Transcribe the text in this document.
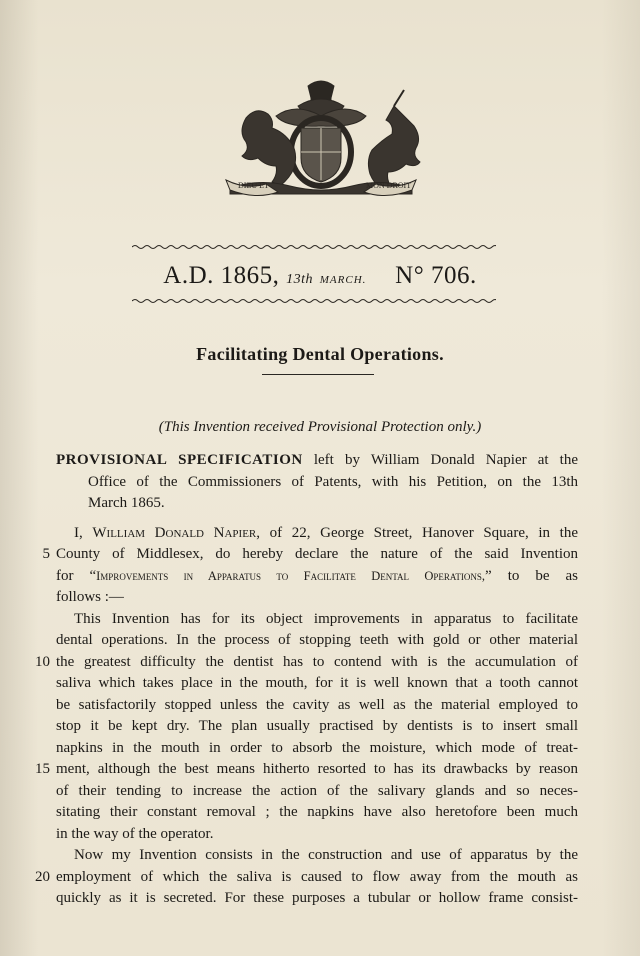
DIEU ET	MON DROIT
A.D. 1865, 13th MARCH. N° 706.
Facilitating Dental Operations.
(This Invention received Provisional Protection only.)
PROVISIONAL SPECIFICATION left by William Donald Napier at the
Office of the Commissioners of Patents, with his Petition, on the 13th
March 1865.
I, William Donald Napier, of 22, George Street, Hanover Square, in the
County of Middlesex, do hereby declare the nature of the said Invention
for “Improvements in Apparatus to Facilitate Dental Operations,” to be as
follows :—
This Invention has for its object improvements in apparatus to facilitate
dental operations. In the process of stopping teeth with gold or other material
the greatest difficulty the dentist has to contend with is the accumulation of
saliva which takes place in the mouth, for it is well known that a tooth cannot
be satisfactorily stopped unless the cavity as well as the material employed to
stop it be kept dry. The plan usually practised by dentists is to insert small
napkins in the mouth in order to absorb the moisture, which mode of treat-
ment, although the best means hitherto resorted to has its drawbacks by reason
of their tending to increase the action of the salivary glands and so neces-
sitating their constant removal ; the napkins have also heretofore been much
in the way of the operator.
Now my Invention consists in the construction and use of apparatus by the
employment of which the saliva is caused to flow away from the mouth as
quickly as it is secreted. For these purposes a tubular or hollow frame consist-
5
10
15
20
